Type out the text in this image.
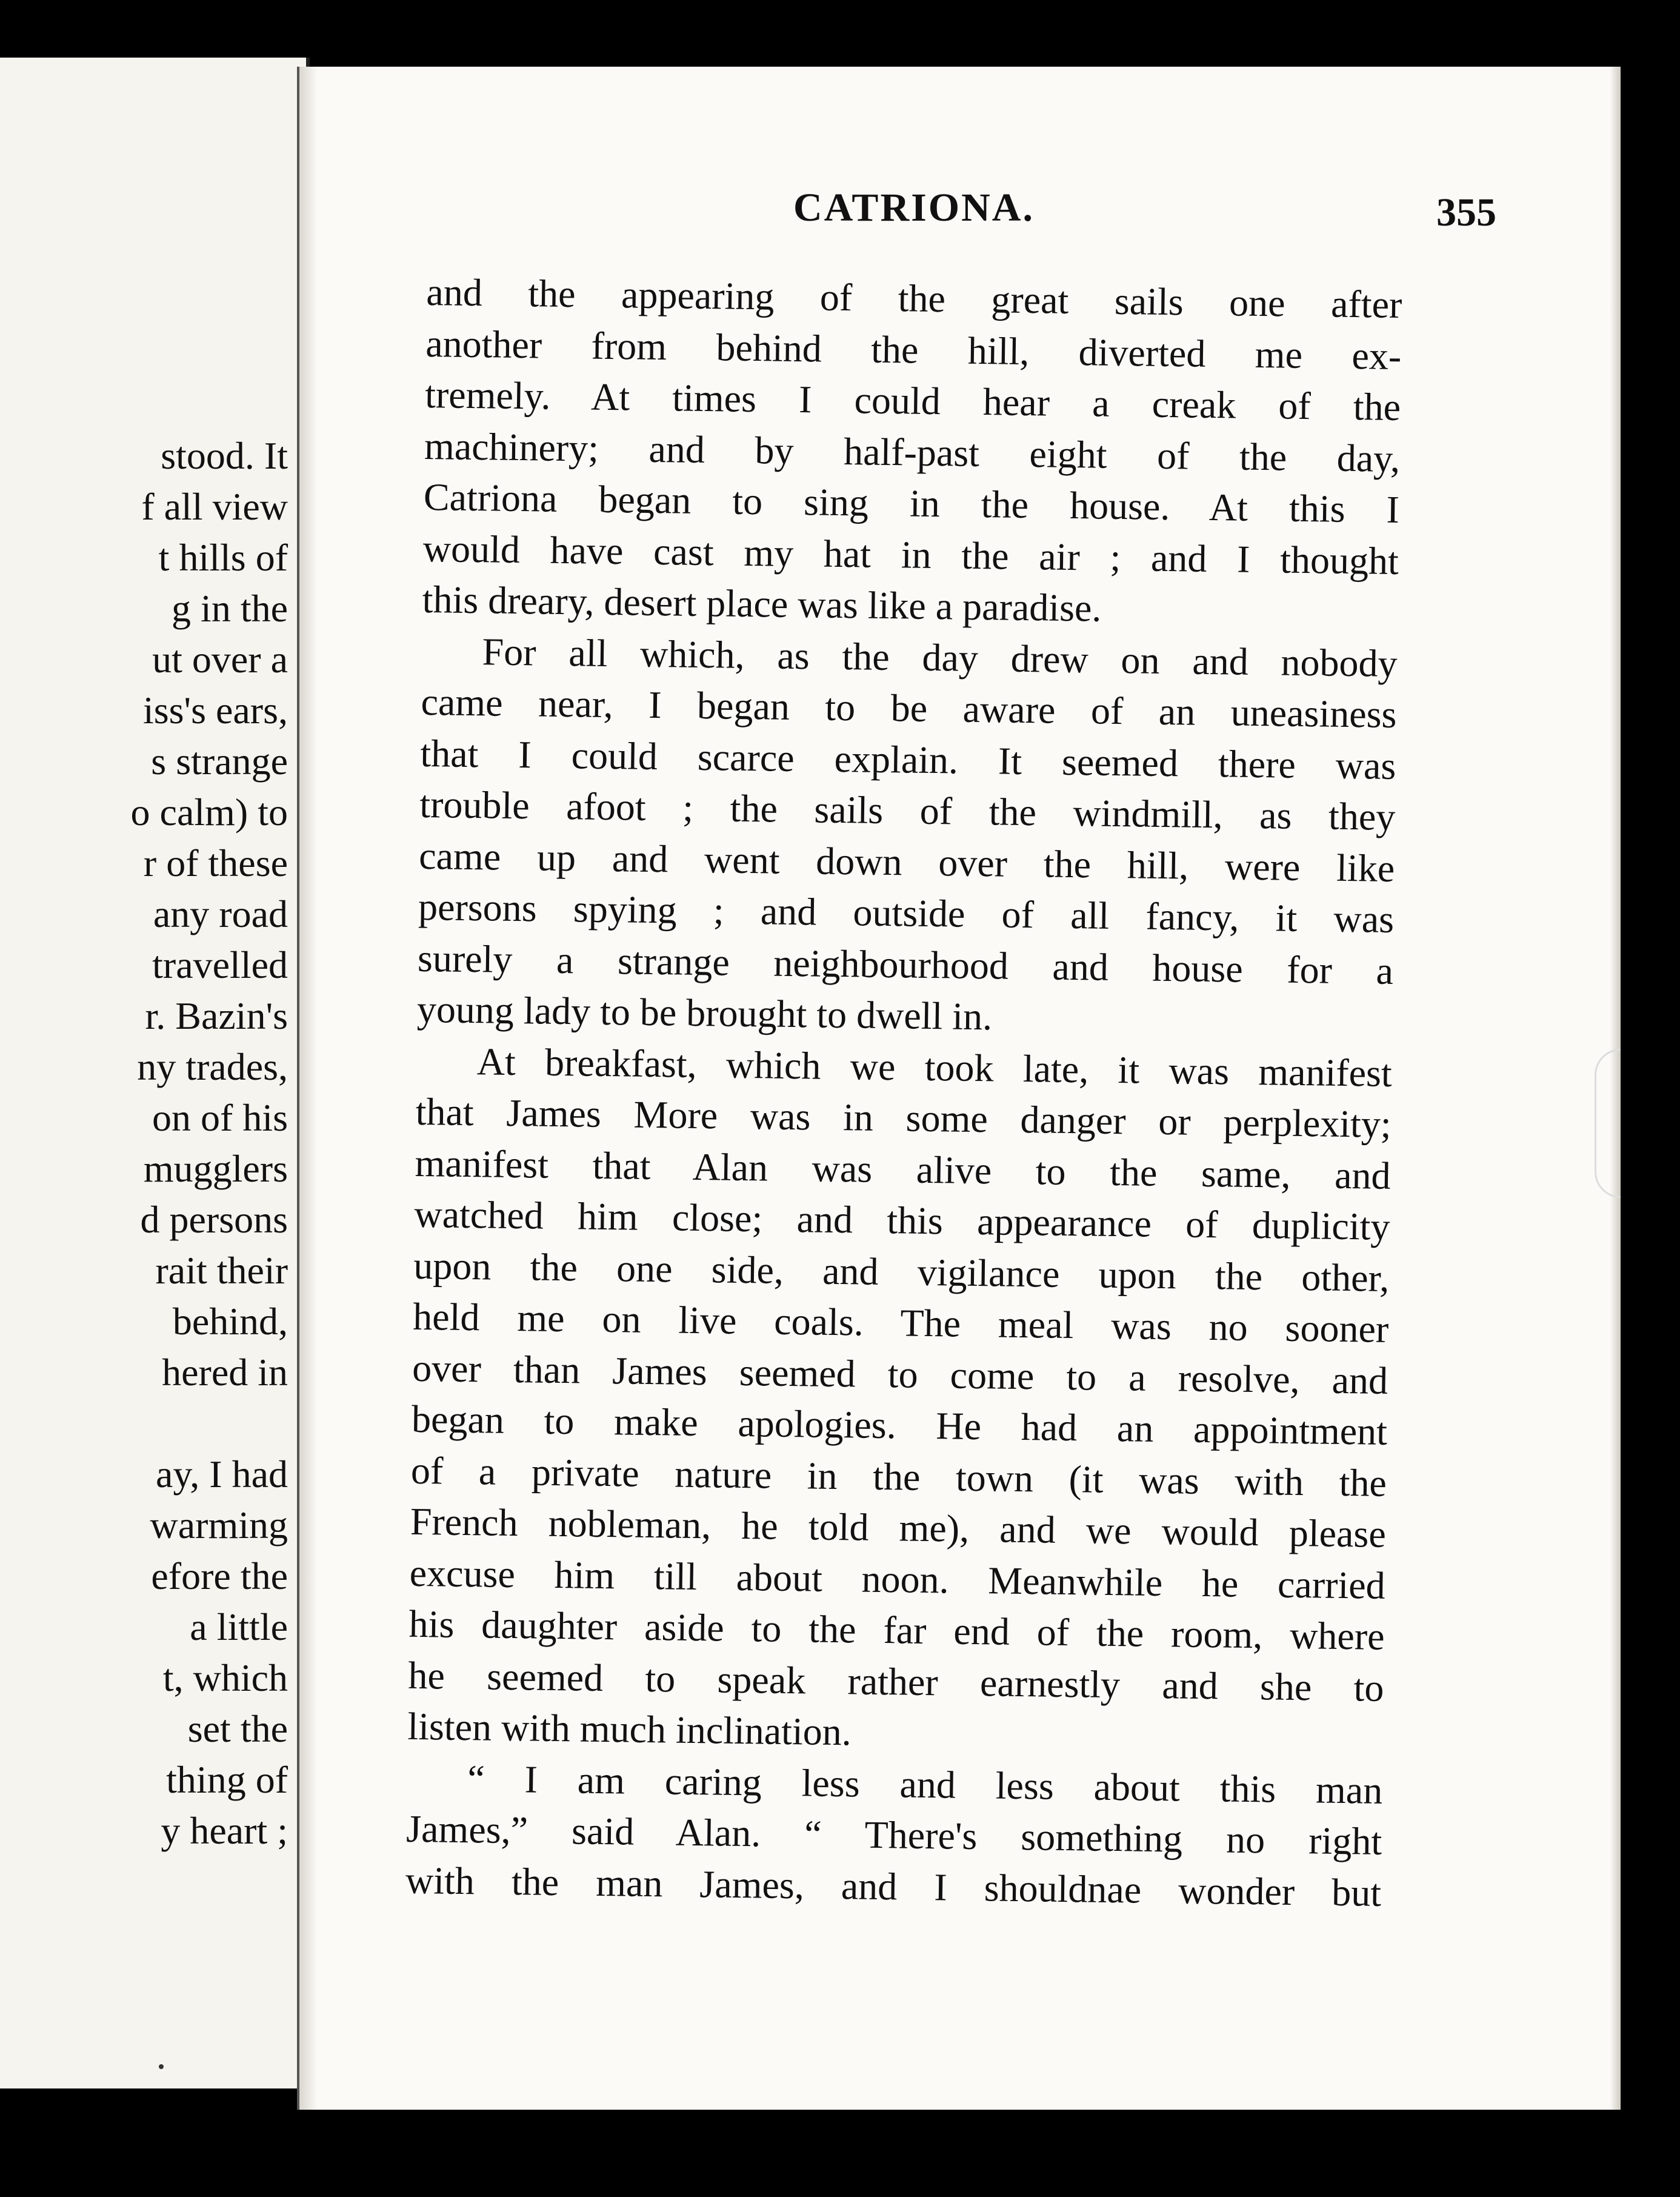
stood. It
f all view
t hills of
g in the
ut over a
iss's ears,
s strange
o calm) to
r of these
any road
travelled
r. Bazin's
ny trades,
on of his
mugglers
d persons
rait their
behind,
hered in
ay, I had
warming
efore the
a little
t, which
set the
thing of
y heart ;
CATRIONA.	355
and the appearing of the great sails one after
another from behind the hill, diverted me ex-
tremely. At times I could hear a creak of the
machinery; and by half-past eight of the day,
Catriona began to sing in the house. At this I
would have cast my hat in the air ; and I thought
this dreary, desert place was like a paradise.
For all which, as the day drew on and nobody
came near, I began to be aware of an uneasiness
that I could scarce explain. It seemed there was
trouble afoot ; the sails of the windmill, as they
came up and went down over the hill, were like
persons spying ; and outside of all fancy, it was
surely a strange neighbourhood and house for a
young lady to be brought to dwell in.
At breakfast, which we took late, it was manifest
that James More was in some danger or perplexity;
manifest that Alan was alive to the same, and
watched him close; and this appearance of duplicity
upon the one side, and vigilance upon the other,
held me on live coals. The meal was no sooner
over than James seemed to come to a resolve, and
began to make apologies. He had an appointment
of a private nature in the town (it was with the
French nobleman, he told me), and we would please
excuse him till about noon. Meanwhile he carried
his daughter aside to the far end of the room, where
he seemed to speak rather earnestly and she to
listen with much inclination.
“ I am caring less and less about this man
James,” said Alan. “ There's something no right
with the man James, and I shouldnae wonder but
